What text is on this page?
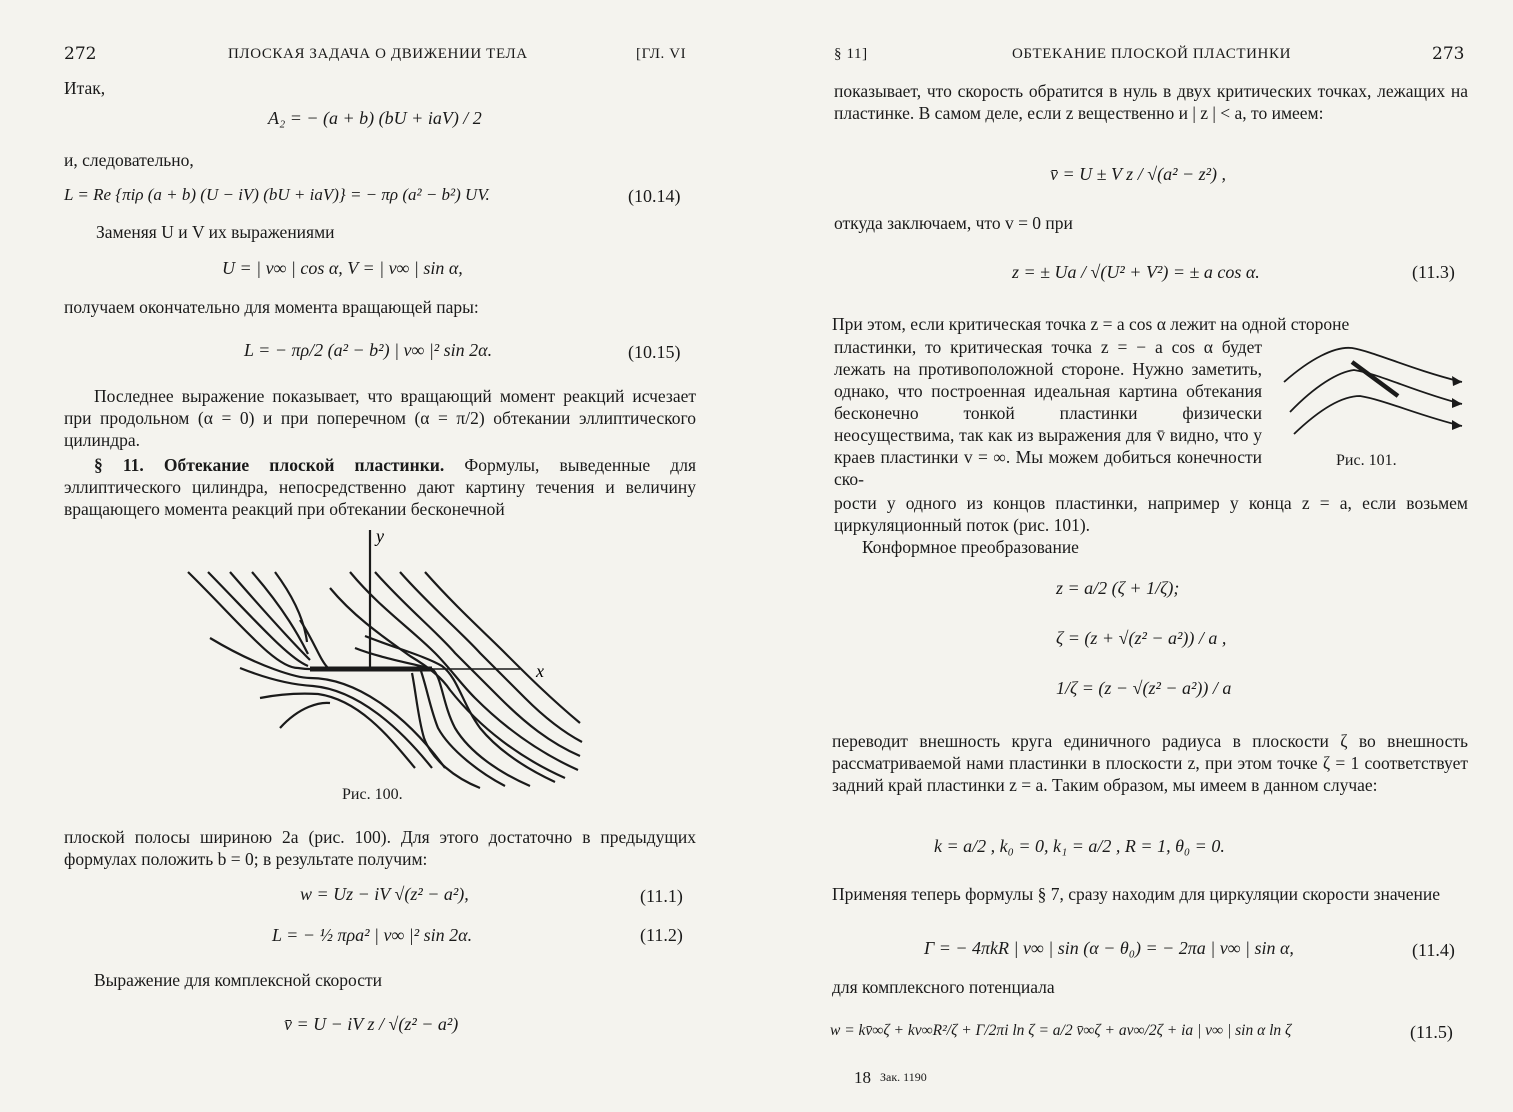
272	ПЛОСКАЯ ЗАДАЧА О ДВИЖЕНИИ ТЕЛА	[ГЛ. VI
Итак,
A₂ = − (a + b) (bU + iaV) / 2
и, следовательно,
L = Re {πiρ (a + b) (U − iV) (bU + iaV)} = − πρ (a² − b²) UV.	(10.14)
Заменяя U и V их выражениями
U = | v∞ | cos α, V = | v∞ | sin α,
получаем окончательно для момента вращающей пары:
L = − πρ/2 (a² − b²) | v∞ |² sin 2α.	(10.15)
Последнее выражение показывает, что вращающий момент реакций исчезает при продольном (α = 0) и при поперечном (α = π/2) обтекании эллиптического цилиндра.
§ 11. Обтекание плоской пластинки. Формулы, выведенные для эллиптического цилиндра, непосредственно дают картину течения и величину вращающего момента реакций при обтекании бесконечной
y
x
Рис. 100.
плоской полосы шириною 2a (рис. 100). Для этого достаточно в предыдущих формулах положить b = 0; в результате получим:
w = Uz − iV √(z² − a²),	(11.1)
L = − ½ πρa² | v∞ |² sin 2α.	(11.2)
Выражение для комплексной скорости
v̄ = U − iV z / √(z² − a²)
§ 11]	ОБТЕКАНИЕ ПЛОСКОЙ ПЛАСТИНКИ	273
показывает, что скорость обратится в нуль в двух критических точках, лежащих на пластинке. В самом деле, если z вещественно и | z | < a, то имеем:
v̄ = U ± V z / √(a² − z²) ,
откуда заключаем, что v = 0 при
z = ± Ua / √(U² + V²) = ± a cos α.	(11.3)
При этом, если критическая точка z = a cos α лежит на одной стороне
пластинки, то критическая точка z = − a cos α будет лежать на противоположной стороне. Нужно заметить, однако, что построенная идеальная картина обтекания бесконечно тонкой пластинки физически неосуществима, так как из выражения для v̄ видно, что у краев пластинки v = ∞. Мы можем добиться конечности ско-
Рис. 101.
рости у одного из концов пластинки, например у конца z = a, если возьмем циркуляционный поток (рис. 101).
Конформное преобразование
z = a/2 (ζ + 1/ζ);
ζ = (z + √(z² − a²)) / a ,
1/ζ = (z − √(z² − a²)) / a
переводит внешность круга единичного радиуса в плоскости ζ во внешность рассматриваемой нами пластинки в плоскости z, при этом точке ζ = 1 соответствует задний край пластинки z = a. Таким образом, мы имеем в данном случае:
k = a/2 , k₀ = 0, k₁ = a/2 , R = 1, θ₀ = 0.
Применяя теперь формулы § 7, сразу находим для циркуляции скорости значение
Γ = − 4πkR | v∞ | sin (α − θ₀) = − 2πa | v∞ | sin α,	(11.4)
для комплексного потенциала
w = kv̄∞ζ + kv∞R²/ζ + Γ/2πi ln ζ = a/2 v̄∞ζ + av∞/2ζ + ia | v∞ | sin α ln ζ	(11.5)
18 Зак. 1190
